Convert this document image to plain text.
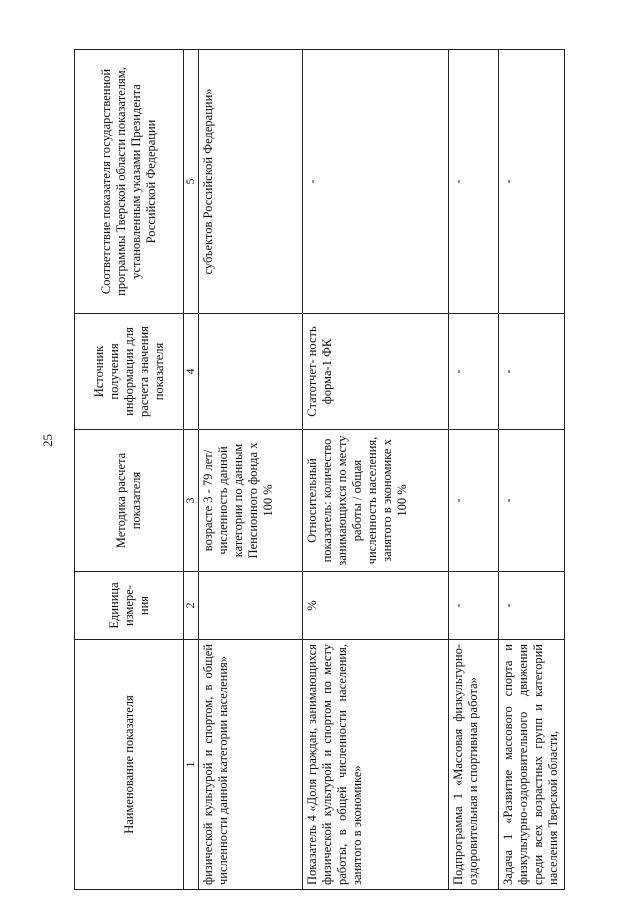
25
Наименование показателя	Единица измере- ния	Методика расчета показателя	Источник получения информации для расчета значения показателя	Соответствие показателя государственной программы Тверской области показателям, установленным указами Президента Российской Федерации
1	2	3	4	5
физической культурой и спортом, в общей численности данной категории населения»		возрасте 3 - 79 лет/ численность данной категории по данным Пенсионного фонда х 100 %		субъектов Российской Федерации»
Показатель 4 «Доля граждан, занимающихся физической культурой и спортом по месту работы, в общей численности населения, занятого в экономике»	%	Относительный показатель: количество занимающихся по месту работы / общая численность населения, занятого в экономике х 100 %	Статотчет- ность форма-1 ФК	-
Подпрограмма 1 «Массовая физкультурно-оздоровительная и спортивная работа»	-	-	-	-
Задача 1 «Развитие массового спорта и физкультурно-оздоровительного движения среди всех возрастных групп и категорий населения Тверской области,	-	-	-	-
